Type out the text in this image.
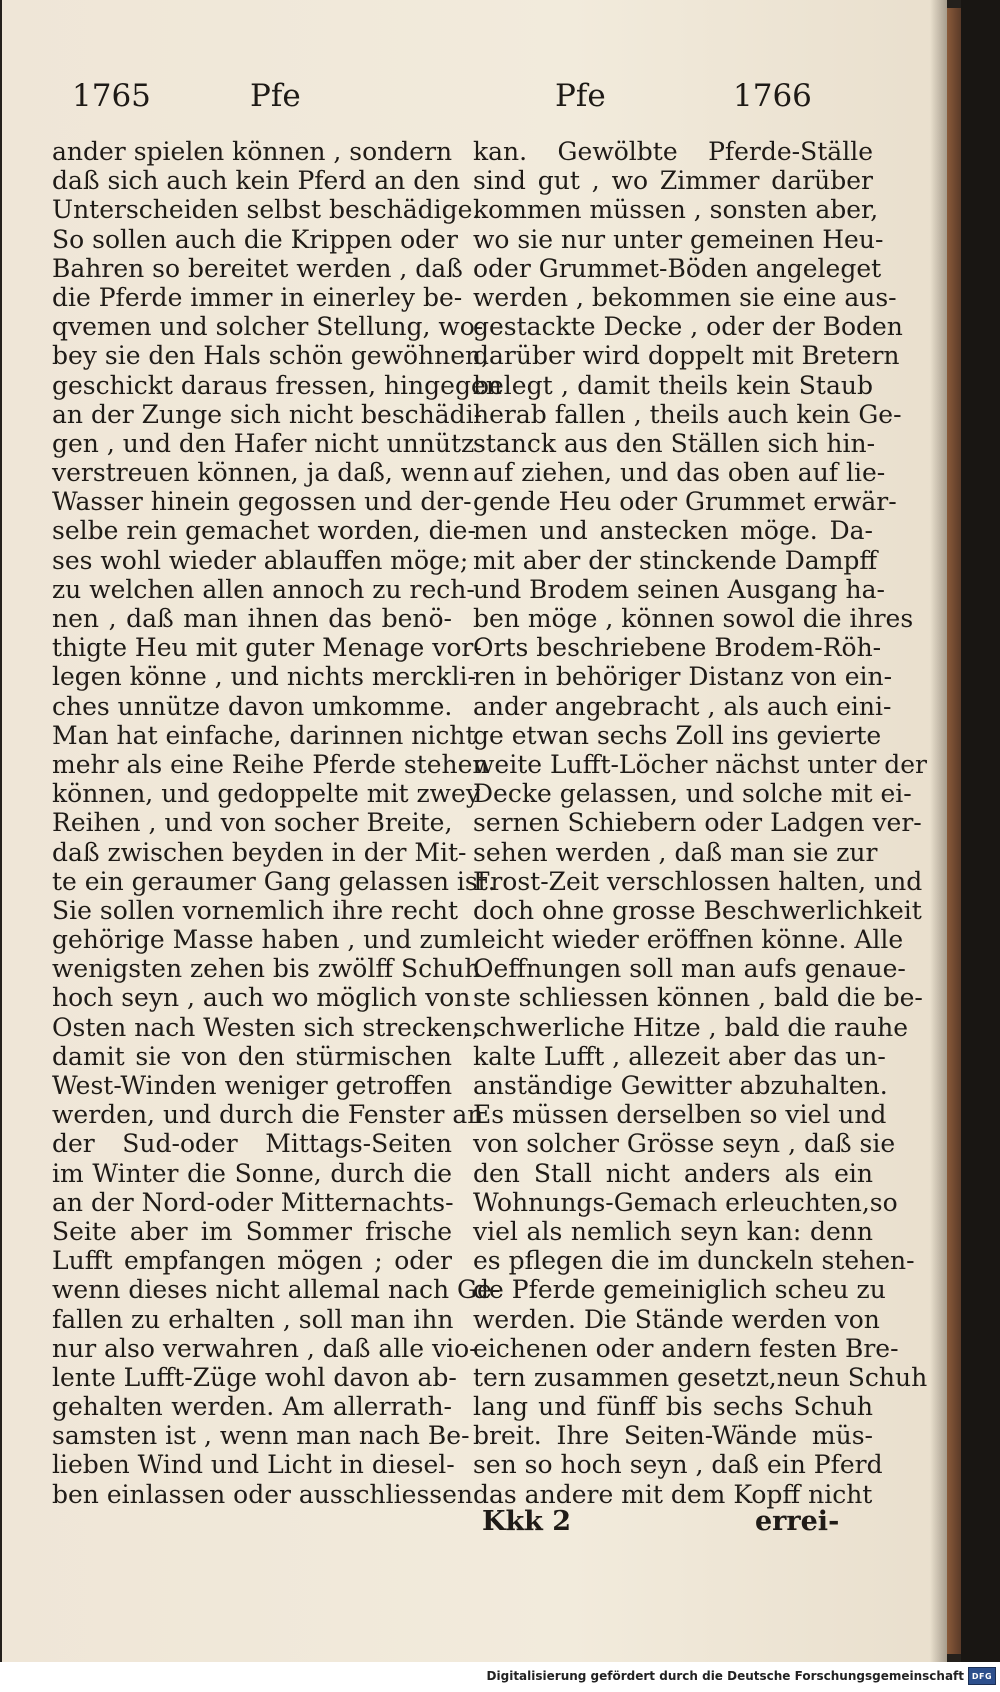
1765	Pfe	Pfe	1766
ander spielen können , sondern
daß sich auch kein Pferd an den
Unterscheiden selbst beschädige.
So sollen auch die Krippen oder
Bahren so bereitet werden , daß
die Pferde immer in einerley be-
qvemen und solcher Stellung, wo-
bey sie den Hals schön gewöhnen,
geschickt daraus fressen, hingegen
an der Zunge sich nicht beschädi-
gen , und den Hafer nicht unnütz
verstreuen können, ja daß, wenn
Wasser hinein gegossen und der-
selbe rein gemachet worden, die-
ses wohl wieder ablauffen möge;
zu welchen allen annoch zu rech-
nen , daß man ihnen das benö-
thigte Heu mit guter Menage vor-
legen könne , und nichts merckli-
ches unnütze davon umkomme.
Man hat einfache, darinnen nicht
mehr als eine Reihe Pferde stehen
können, und gedoppelte mit zwey
Reihen , und von socher Breite,
daß zwischen beyden in der Mit-
te ein geraumer Gang gelassen ist.
Sie sollen vornemlich ihre recht
gehörige Masse haben , und zum
wenigsten zehen bis zwölff Schuh
hoch seyn , auch wo möglich von
Osten nach Westen sich strecken,
damit sie von den stürmischen
West-Winden weniger getroffen
werden, und durch die Fenster an
der Sud-oder Mittags-Seiten
im Winter die Sonne, durch die
an der Nord-oder Mitternachts-
Seite aber im Sommer frische
Lufft empfangen mögen ; oder
wenn dieses nicht allemal nach Ge-
fallen zu erhalten , soll man ihn
nur also verwahren , daß alle vio-
lente Lufft-Züge wohl davon ab-
gehalten werden. Am allerrath-
samsten ist , wenn man nach Be-
lieben Wind und Licht in diesel-
ben einlassen oder ausschliessen
kan. Gewölbte Pferde-Ställe
sind gut , wo Zimmer darüber
kommen müssen , sonsten aber,
wo sie nur unter gemeinen Heu-
oder Grummet-Böden angeleget
werden , bekommen sie eine aus-
gestackte Decke , oder der Boden
darüber wird doppelt mit Bretern
belegt , damit theils kein Staub
herab fallen , theils auch kein Ge-
stanck aus den Ställen sich hin-
auf ziehen, und das oben auf lie-
gende Heu oder Grummet erwär-
men und anstecken möge. Da-
mit aber der stinckende Dampff
und Brodem seinen Ausgang ha-
ben möge , können sowol die ihres
Orts beschriebene Brodem-Röh-
ren in behöriger Distanz von ein-
ander angebracht , als auch eini-
ge etwan sechs Zoll ins gevierte
weite Lufft-Löcher nächst unter der
Decke gelassen, und solche mit ei-
sernen Schiebern oder Ladgen ver-
sehen werden , daß man sie zur
Frost-Zeit verschlossen halten, und
doch ohne grosse Beschwerlichkeit
leicht wieder eröffnen könne. Alle
Oeffnungen soll man aufs genaue-
ste schliessen können , bald die be-
schwerliche Hitze , bald die rauhe
kalte Lufft , allezeit aber das un-
anständige Gewitter abzuhalten.
Es müssen derselben so viel und
von solcher Grösse seyn , daß sie
den Stall nicht anders als ein
Wohnungs-Gemach erleuchten,so
viel als nemlich seyn kan: denn
es pflegen die im dunckeln stehen-
de Pferde gemeiniglich scheu zu
werden. Die Stände werden von
eichenen oder andern festen Bre-
tern zusammen gesetzt,neun Schuh
lang und fünff bis sechs Schuh
breit. Ihre Seiten-Wände müs-
sen so hoch seyn , daß ein Pferd
das andere mit dem Kopff nicht
Kkk 2	errei-
Digitalisierung gefördert durch die Deutsche Forschungsgemeinschaft DFG
